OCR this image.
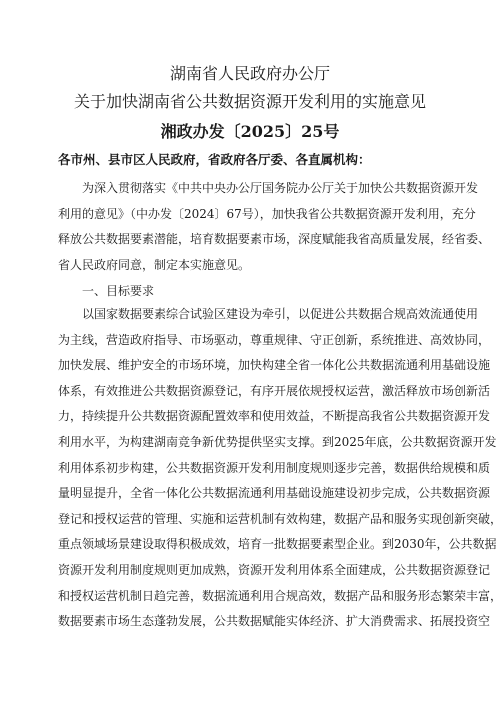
湖南省人民政府办公厅
关于加快湖南省公共数据资源开发利用的实施意见
湘政办发〔2025〕25号
各市州、县市区人民政府，省政府各厅委、各直属机构：
为深入贯彻落实《中共中央办公厅国务院办公厅关于加快公共数据资源开发
利用的意见》（中办发〔2024〕67号），加快我省公共数据资源开发利用，充分
释放公共数据要素潜能，培育数据要素市场，深度赋能我省高质量发展，经省委、
省人民政府同意，制定本实施意见。
一、目标要求
以国家数据要素综合试验区建设为牵引，以促进公共数据合规高效流通使用
为主线，营造政府指导、市场驱动，尊重规律、守正创新，系统推进、高效协同，
加快发展、维护安全的市场环境，加快构建全省一体化公共数据流通利用基础设施
体系，有效推进公共数据资源登记，有序开展依规授权运营，激活释放市场创新活
力，持续提升公共数据资源配置效率和使用效益，不断提高我省公共数据资源开发
利用水平，为构建湖南竞争新优势提供坚实支撑。到2025年底，公共数据资源开发
利用体系初步构建，公共数据资源开发利用制度规则逐步完善，数据供给规模和质
量明显提升，全省一体化公共数据流通利用基础设施建设初步完成，公共数据资源
登记和授权运营的管理、实施和运营机制有效构建，数据产品和服务实现创新突破，
重点领域场景建设取得积极成效，培育一批数据要素型企业。到2030年，公共数据
资源开发利用制度规则更加成熟，资源开发利用体系全面建成，公共数据资源登记
和授权运营机制日趋完善，数据流通利用合规高效，数据产品和服务形态繁荣丰富，
数据要素市场生态蓬勃发展，公共数据赋能实体经济、扩大消费需求、拓展投资空
